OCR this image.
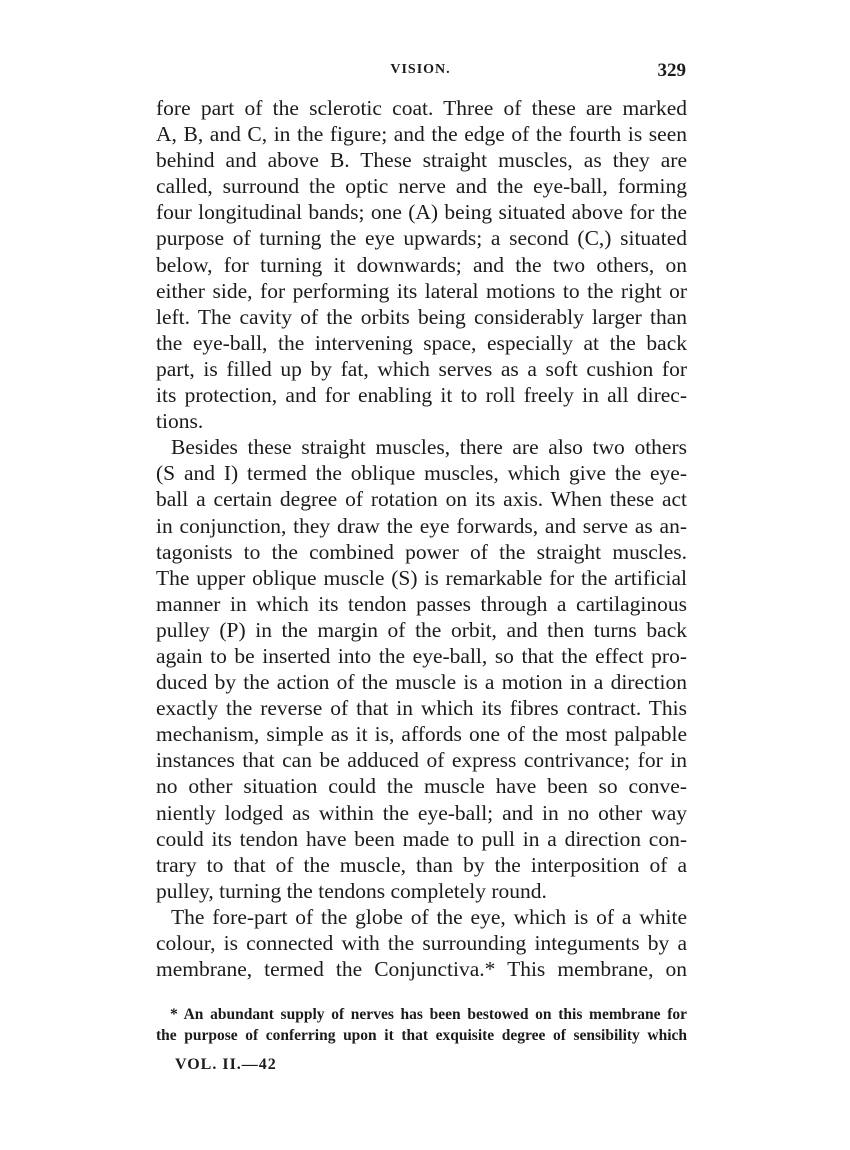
VISION.	329
fore part of the sclerotic coat. Three of these are marked
A, B, and C, in the figure; and the edge of the fourth is seen
behind and above B. These straight muscles, as they are
called, surround the optic nerve and the eye-ball, forming
four longitudinal bands; one (A) being situated above for the
purpose of turning the eye upwards; a second (C,) situated
below, for turning it downwards; and the two others, on
either side, for performing its lateral motions to the right or
left. The cavity of the orbits being considerably larger than
the eye-ball, the intervening space, especially at the back
part, is filled up by fat, which serves as a soft cushion for
its protection, and for enabling it to roll freely in all direc-
tions.
Besides these straight muscles, there are also two others
(S and I) termed the oblique muscles, which give the eye-
ball a certain degree of rotation on its axis. When these act
in conjunction, they draw the eye forwards, and serve as an-
tagonists to the combined power of the straight muscles.
The upper oblique muscle (S) is remarkable for the artificial
manner in which its tendon passes through a cartilaginous
pulley (P) in the margin of the orbit, and then turns back
again to be inserted into the eye-ball, so that the effect pro-
duced by the action of the muscle is a motion in a direction
exactly the reverse of that in which its fibres contract. This
mechanism, simple as it is, affords one of the most palpable
instances that can be adduced of express contrivance; for in
no other situation could the muscle have been so conve-
niently lodged as within the eye-ball; and in no other way
could its tendon have been made to pull in a direction con-
trary to that of the muscle, than by the interposition of a
pulley, turning the tendons completely round.
The fore-part of the globe of the eye, which is of a white
colour, is connected with the surrounding integuments by a
membrane, termed the Conjunctiva.* This membrane, on
* An abundant supply of nerves has been bestowed on this membrane for
the purpose of conferring upon it that exquisite degree of sensibility which
VOL. II.—42
